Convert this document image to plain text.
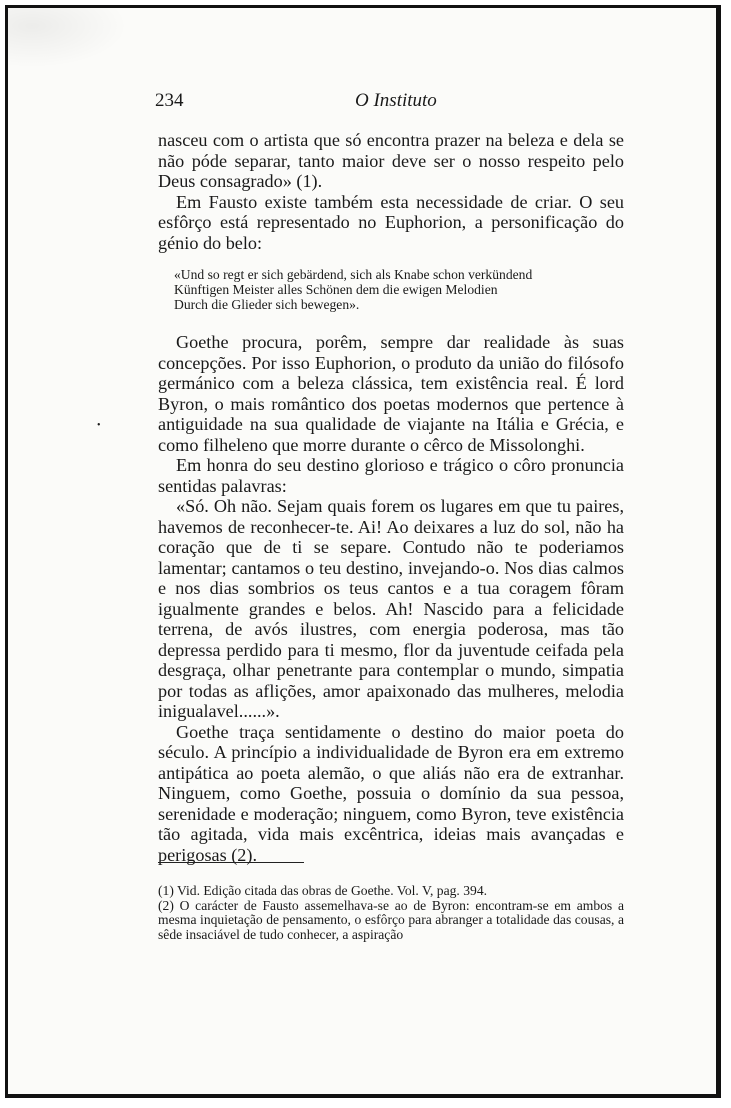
234	O Instituto
•

nasceu com o artista que só encontra prazer na beleza e dela se não póde separar, tanto maior deve ser o nosso respeito pelo Deus consagrado» (1).

Em Fausto existe também esta necessidade de criar. O seu esfôrço está representado no Euphorion, a personificação do génio do belo:

«Und so regt er sich gebärdend, sich als Knabe schon verkündend
Künftigen Meister alles Schönen dem die ewigen Melodien
Durch die Glieder sich bewegen».

Goethe procura, porêm, sempre dar realidade às suas concepções. Por isso Euphorion, o produto da união do filósofo germánico com a beleza clássica, tem existência real. É lord Byron, o mais romântico dos poetas modernos que pertence à antiguidade na sua qualidade de viajante na Itália e Grécia, e como filheleno que morre durante o cêrco de Missolonghi.

Em honra do seu destino glorioso e trágico o côro pronuncia sentidas palavras:

«Só. Oh não. Sejam quais forem os lugares em que tu paires, havemos de reconhecer-te. Ai! Ao deixares a luz do sol, não ha coração que de ti se separe. Contudo não te poderiamos lamentar; cantamos o teu destino, invejando-o. Nos dias calmos e nos dias sombrios os teus cantos e a tua coragem fôram igualmente grandes e belos. Ah! Nascido para a felicidade terrena, de avós ilustres, com energia poderosa, mas tão depressa perdido para ti mesmo, flor da juventude ceifada pela desgraça, olhar penetrante para contemplar o mundo, simpatia por todas as aflições, amor apaixonado das mulheres, melodia inigualavel......».

Goethe traça sentidamente o destino do maior poeta do século. A princípio a individualidade de Byron era em extremo antipática ao poeta alemão, o que aliás não era de extranhar. Ninguem, como Goethe, possuia o domínio da sua pessoa, serenidade e moderação; ninguem, como Byron, teve existência tão agitada, vida mais excêntrica, ideias mais avançadas e perigosas (2).

(1) Vid. Edição citada das obras de Goethe. Vol. V, pag. 394.

(2) O carácter de Fausto assemelhava-se ao de Byron: encontram-se em ambos a mesma inquietação de pensamento, o esfôrço para abranger a totalidade das cousas, a sêde insaciável de tudo conhecer, a aspiração
